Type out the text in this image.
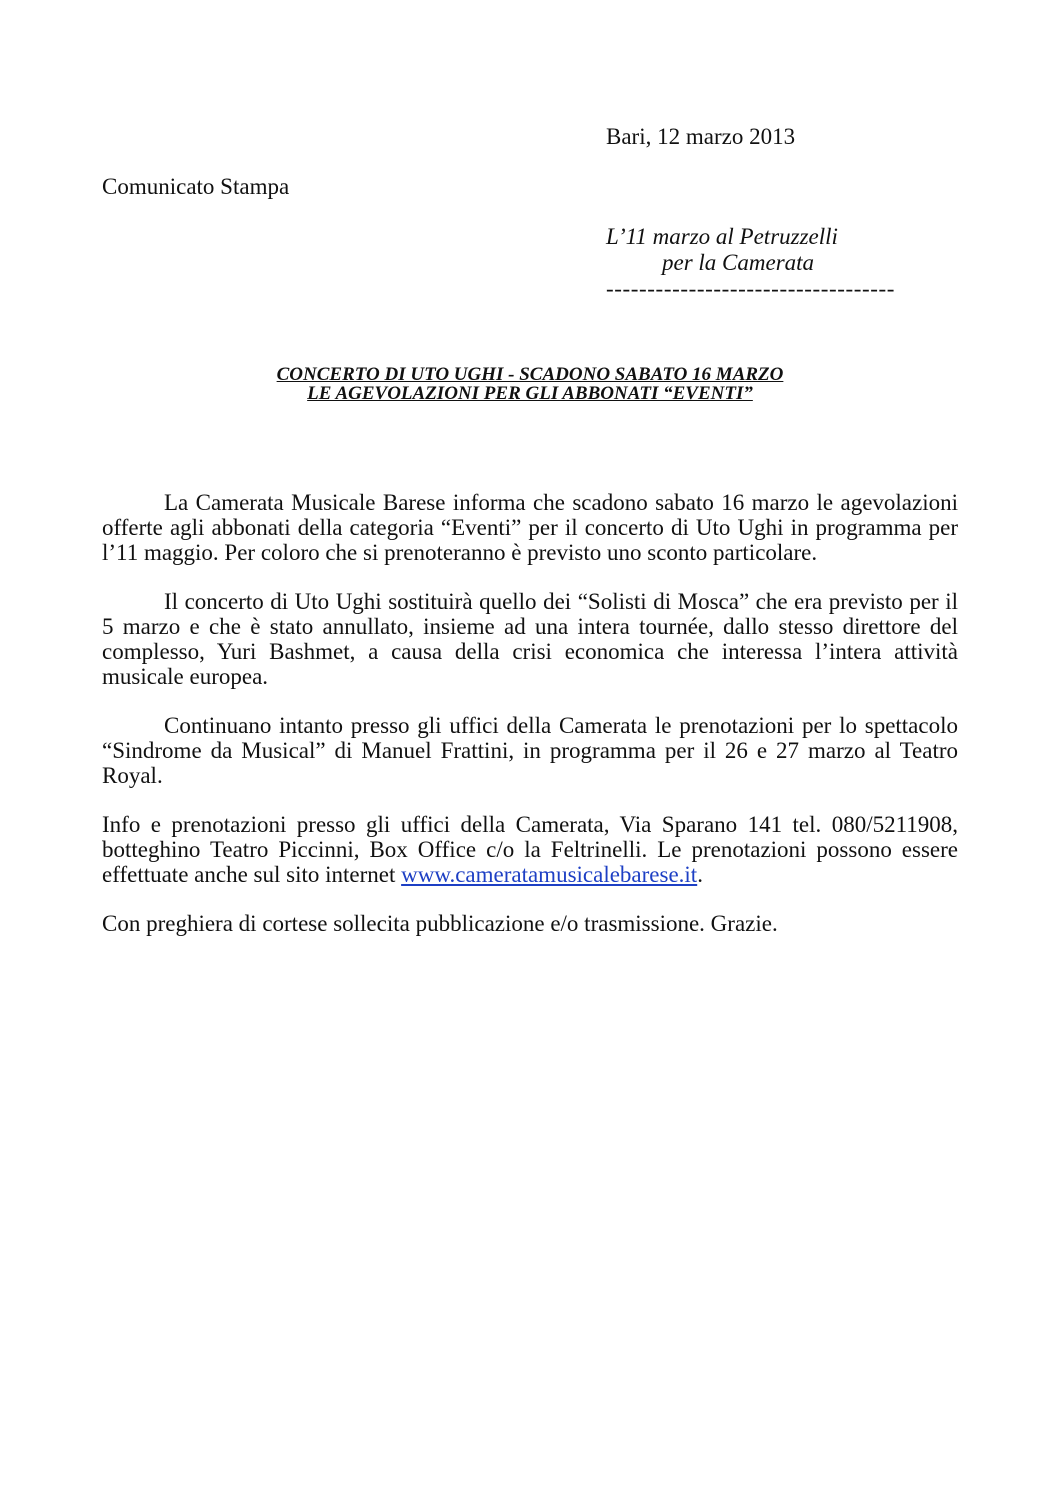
Bari, 12 marzo 2013
Comunicato Stampa
L’11 marzo al Petruzzelli
per la Camerata
-----------------------------------
CONCERTO DI UTO UGHI - SCADONO SABATO 16 MARZO
LE AGEVOLAZIONI PER GLI ABBONATI “EVENTI”

La Camerata Musicale Barese informa che scadono sabato 16 marzo le agevolazioni offerte agli abbonati della categoria “Eventi” per il concerto di Uto Ughi in programma per l’11 maggio. Per coloro che si prenoteranno è previsto uno sconto particolare.

Il concerto di Uto Ughi sostituirà quello dei “Solisti di Mosca” che era previsto per il 5 marzo e che è stato annullato, insieme ad una intera tournée, dallo stesso direttore del complesso, Yuri Bashmet, a causa della crisi economica che interessa l’intera attività musicale europea.

Continuano intanto presso gli uffici della Camerata le prenotazioni per lo spettacolo “Sindrome da Musical” di Manuel Frattini, in programma per il 26 e 27 marzo al Teatro Royal.

Info e prenotazioni presso gli uffici della Camerata, Via Sparano 141 tel. 080/5211908, botteghino Teatro Piccinni, Box Office c/o la Feltrinelli. Le prenotazioni possono essere effettuate anche sul sito internet www.cameratamusicalebarese.it.

Con preghiera di cortese sollecita pubblicazione e/o trasmissione. Grazie.
